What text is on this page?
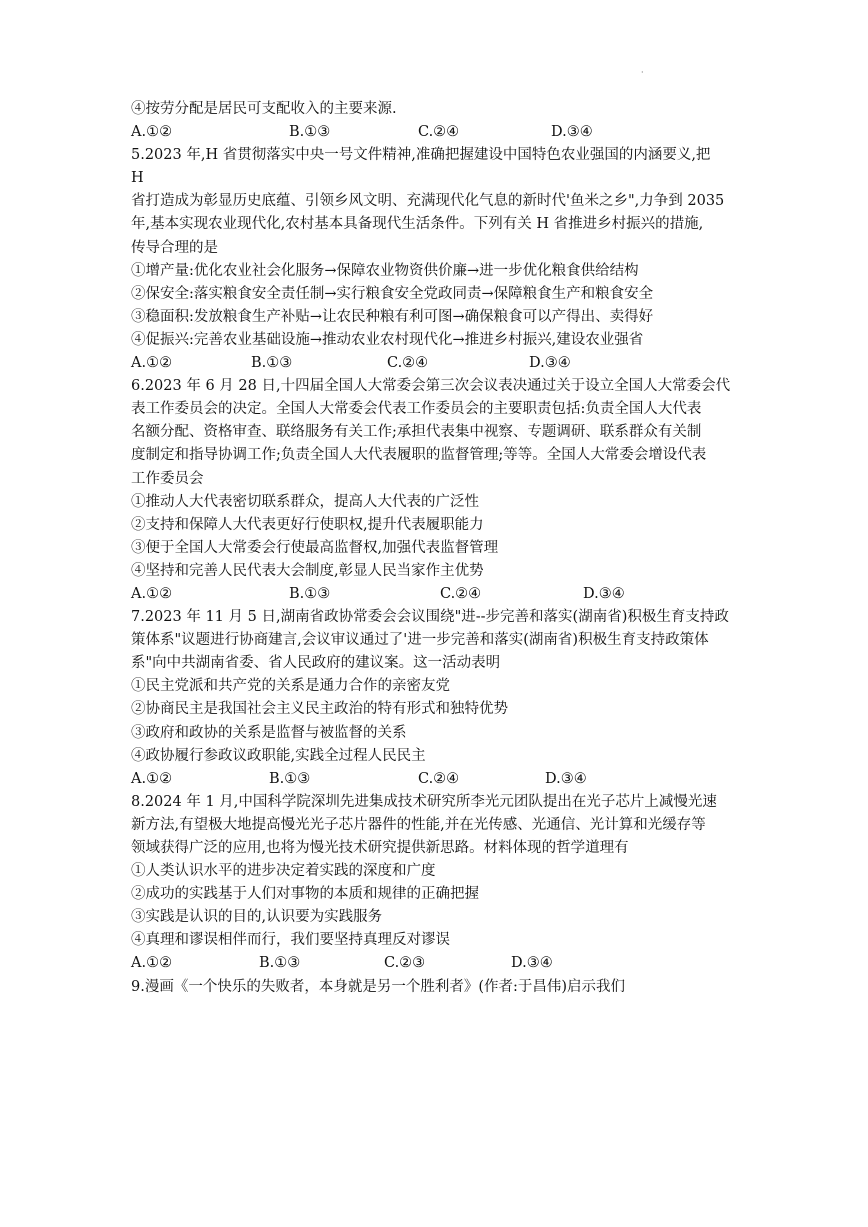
·
④按劳分配是居民可支配收入的主要来源.
A.①②	B.①③	C.②④	D.③④
5.2023 年,H 省贯彻落实中央一号文件精神,准确把握建设中国特色农业强国的内涵要义,把
H
省打造成为彰显历史底蕴、引领乡风文明、充满现代化气息的新时代'鱼米之乡",力争到 2035
年,基本实现农业现代化,农村基本具备现代生活条件。下列有关 H 省推进乡村振兴的措施,
传导合理的是
①增产量:优化农业社会化服务→保障农业物资供价廉→进一步优化粮食供给结构
②保安全:落实粮食安全责任制→实行粮食安全党政同责→保障粮食生产和粮食安全
③稳面积:发放粮食生产补贴→让农民种粮有利可图→确保粮食可以产得出、卖得好
④促振兴:完善农业基础设施→推动农业农村现代化→推进乡村振兴,建设农业强省
A.①②	B.①③	C.②④	D.③④
6.2023 年 6 月 28 日,十四届全国人大常委会第三次会议表决通过关于设立全国人大常委会代
表工作委员会的决定。全国人大常委会代表工作委员会的主要职责包括:负责全国人大代表
名额分配、资格审查、联络服务有关工作;承担代表集中视察、专题调研、联系群众有关制
度制定和指导协调工作;负责全国人大代表履职的监督管理;等等。全国人大常委会增设代表
工作委员会
①推动人大代表密切联系群众，提高人大代表的广泛性
②支持和保障人大代表更好行使职权,提升代表履职能力
③便于全国人大常委会行使最高监督权,加强代表监督管理
④坚持和完善人民代表大会制度,彰显人民当家作主优势
A.①②	B.①③	C.②④	D.③④
7.2023 年 11 月 5 日,湖南省政协常委会会议围绕"进--步完善和落实(湖南省)积极生育支持政
策体系"议题进行协商建言,会议审议通过了'进一步完善和落实(湖南省)积极生育支持政策体
系"向中共湖南省委、省人民政府的建议案。这一活动表明
①民主党派和共产党的关系是通力合作的亲密友党
②协商民主是我国社会主义民主政治的特有形式和独特优势
③政府和政协的关系是监督与被监督的关系
④政协履行参政议政职能,实践全过程人民民主
A.①②	B.①③	C.②④	D.③④
8.2024 年 1 月,中国科学院深圳先进集成技术研究所李光元团队提出在光子芯片上减慢光速
新方法,有望极大地提高慢光光子芯片器件的性能,并在光传感、光通信、光计算和光缓存等
领域获得广泛的应用,也将为慢光技术研究提供新思路。材料体现的哲学道理有
①人类认识水平的进步决定着实践的深度和广度
②成功的实践基于人们对事物的本质和规律的正确把握
③实践是认识的目的,认识要为实践服务
④真理和谬误相伴而行，我们要坚持真理反对谬误
A.①②	B.①③	C.②③	D.③④
9.漫画《一个快乐的失败者，本身就是另一个胜利者》(作者:于昌伟)启示我们
